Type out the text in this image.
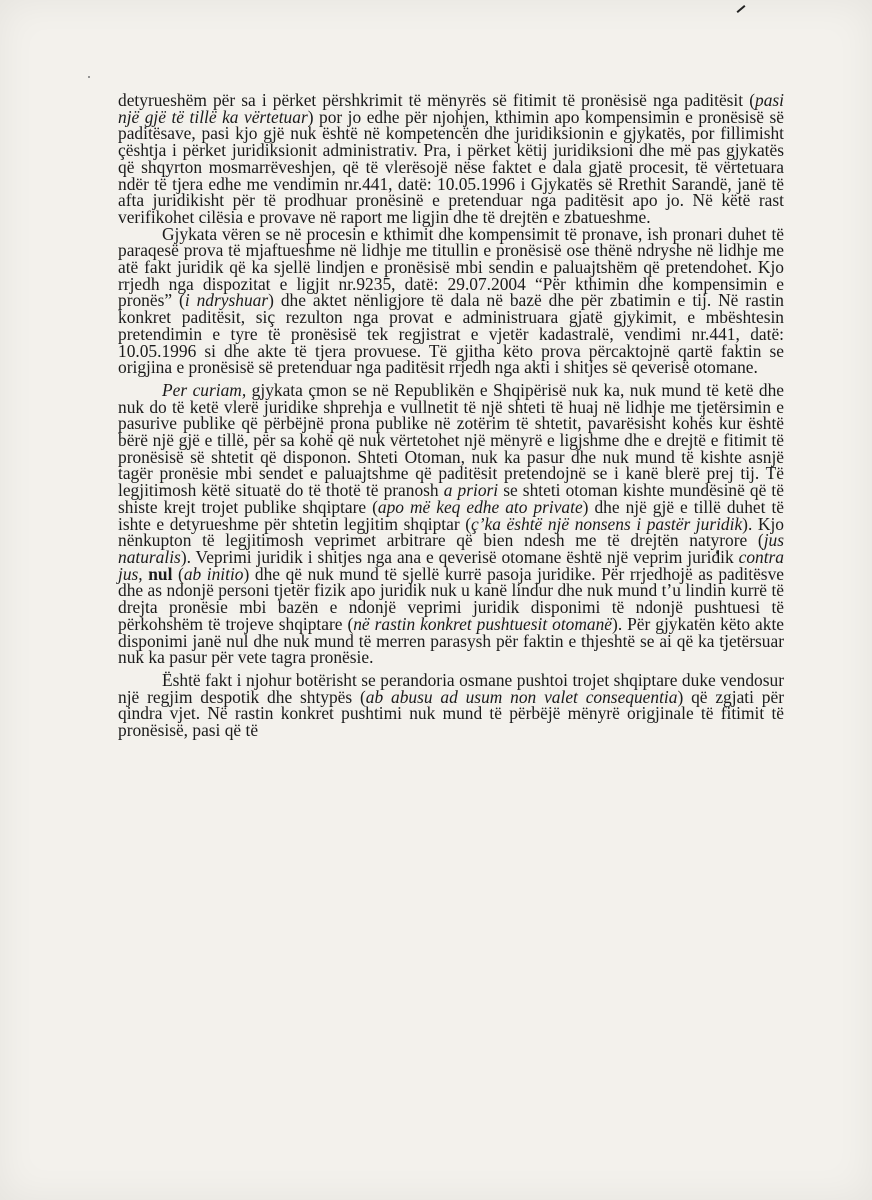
detyrueshëm për sa i përket përshkrimit të mënyrës së fitimit të pronësisë nga paditësit (pasi një gjë të tillë ka vërtetuar) por jo edhe për njohjen, kthimin apo kompensimin e pronësisë së paditësave, pasi kjo gjë nuk është në kompetencën dhe juridiksionin e gjykatës, por fillimisht çështja i përket juridiksionit administrativ. Pra, i përket këtij juridiksioni dhe më pas gjykatës që shqyrton mosmarrëveshjen, që të vlerësojë nëse faktet e dala gjatë procesit, të vërtetuara ndër të tjera edhe me vendimin nr.441, datë: 10.05.1996 i Gjykatës së Rrethit Sarandë, janë të afta juridikisht për të prodhuar pronësinë e pretenduar nga paditësit apo jo. Në këtë rast verifikohet cilësia e provave në raport me ligjin dhe të drejtën e zbatueshme.

Gjykata vëren se në procesin e kthimit dhe kompensimit të pronave, ish pronari duhet të paraqesë prova të mjaftueshme në lidhje me titullin e pronësisë ose thënë ndryshe në lidhje me atë fakt juridik që ka sjellë lindjen e pronësisë mbi sendin e paluajtshëm që pretendohet. Kjo rrjedh nga dispozitat e ligjit nr.9235, datë: 29.07.2004 “Për kthimin dhe kompensimin e pronës” (i ndryshuar) dhe aktet nënligjore të dala në bazë dhe për zbatimin e tij. Në rastin konkret paditësit, siç rezulton nga provat e administruara gjatë gjykimit, e mbështesin pretendimin e tyre të pronësisë tek regjistrat e vjetër kadastralë, vendimi nr.441, datë: 10.05.1996 si dhe akte të tjera provuese. Të gjitha këto prova përcaktojnë qartë faktin se origjina e pronësisë së pretenduar nga paditësit rrjedh nga akti i shitjes së qeverisë otomane.

Per curiam, gjykata çmon se në Republikën e Shqipërisë nuk ka, nuk mund të ketë dhe nuk do të ketë vlerë juridike shprehja e vullnetit të një shteti të huaj në lidhje me tjetërsimin e pasurive publike që përbëjnë prona publike në zotërim të shtetit, pavarësisht kohës kur është bërë një gjë e tillë, për sa kohë që nuk vërtetohet një mënyrë e ligjshme dhe e drejtë e fitimit të pronësisë së shtetit që disponon. Shteti Otoman, nuk ka pasur dhe nuk mund të kishte asnjë tagër pronësie mbi sendet e paluajtshme që paditësit pretendojnë se i kanë blerë prej tij. Të legjitimosh këtë situatë do të thotë të pranosh a priori se shteti otoman kishte mundësinë që të shiste krejt trojet publike shqiptare (apo më keq edhe ato private) dhe një gjë e tillë duhet të ishte e detyrueshme për shtetin legjitim shqiptar (ç’ka është një nonsens i pastër juridik). Kjo nënkupton të legjitimosh veprimet arbitrare që bien ndesh me të drejtën natyrore (jus naturalis). Veprimi juridik i shitjes nga ana e qeverisë otomane është një veprim juridik contra jus, nul (ab initio) dhe që nuk mund të sjellë kurrë pasoja juridike. Për rrjedhojë as paditësve dhe as ndonjë personi tjetër fizik apo juridik nuk u kanë lindur dhe nuk mund t’u lindin kurrë të drejta pronësie mbi bazën e ndonjë veprimi juridik disponimi të ndonjë pushtuesi të përkohshëm të trojeve shqiptare (në rastin konkret pushtuesit otomanë). Për gjykatën këto akte disponimi janë nul dhe nuk mund të merren parasysh për faktin e thjeshtë se ai që ka tjetërsuar nuk ka pasur për vete tagra pronësie.

Është fakt i njohur botërisht se perandoria osmane pushtoi trojet shqiptare duke vendosur një regjim despotik dhe shtypës (ab abusu ad usum non valet consequentia) që zgjati për qindra vjet. Në rastin konkret pushtimi nuk mund të përbëjë mënyrë origjinale të fitimit të pronësisë, pasi që të
